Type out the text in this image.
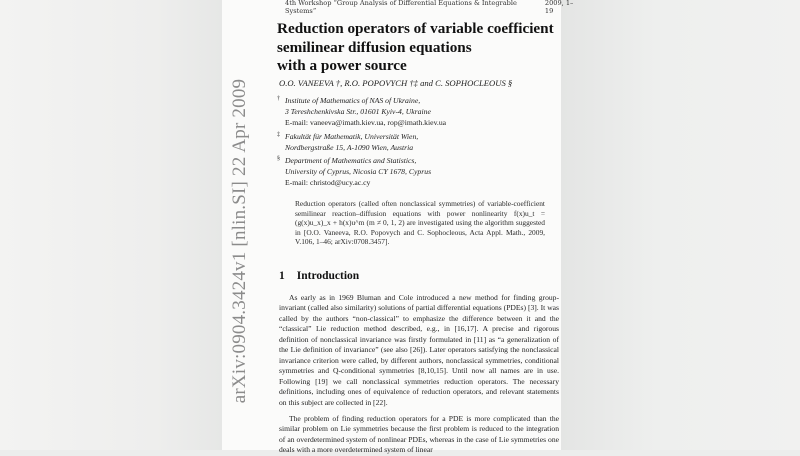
4th Workshop “Group Analysis of Differential Equations & Integrable Systems”
2009, 1–19
Reduction operators of variable coefficient
semilinear diffusion equations
with a power source
O.O. VANEEVA †, R.O. POPOVYCH †‡ and C. SOPHOCLEOUS §
† Institute of Mathematics of NAS of Ukraine,
3 Tereshchenkivska Str., 01601 Kyiv-4, Ukraine
E-mail: vaneeva@imath.kiev.ua, rop@imath.kiev.ua
‡ Fakultät für Mathematik, Universität Wien,
Nordbergstraße 15, A-1090 Wien, Austria
§ Department of Mathematics and Statistics,
University of Cyprus, Nicosia CY 1678, Cyprus
E-mail: christod@ucy.ac.cy
Reduction operators (called often nonclassical symmetries) of variable-coefficient semilinear reaction–diffusion equations with power nonlinearity f(x)u_t = (g(x)u_x)_x + h(x)u^m (m ≠ 0, 1, 2) are investigated using the algorithm suggested in [O.O. Vaneeva, R.O. Popovych and C. Sophocleous, Acta Appl. Math., 2009, V.106, 1–46; arXiv:0708.3457].
1 Introduction
As early as in 1969 Bluman and Cole introduced a new method for finding group-invariant (called also similarity) solutions of partial differential equations (PDEs) [3]. It was called by the authors “non-classical” to emphasize the difference between it and the “classical” Lie reduction method described, e.g., in [16,17]. A precise and rigorous definition of nonclassical invariance was firstly formulated in [11] as “a generalization of the Lie definition of invariance” (see also [26]). Later operators satisfying the nonclassical invariance criterion were called, by different authors, nonclassical symmetries, conditional symmetries and Q-conditional symmetries [8,10,15]. Until now all names are in use. Following [19] we call nonclassical symmetries reduction operators. The necessary definitions, including ones of equivalence of reduction operators, and relevant statements on this subject are collected in [22].
The problem of finding reduction operators for a PDE is more complicated than the similar problem on Lie symmetries because the first problem is reduced to the integration of an overdetermined system of nonlinear PDEs, whereas in the case of Lie symmetries one deals with a more overdetermined system of linear
arXiv:0904.3424v1 [nlin.SI] 22 Apr 2009
